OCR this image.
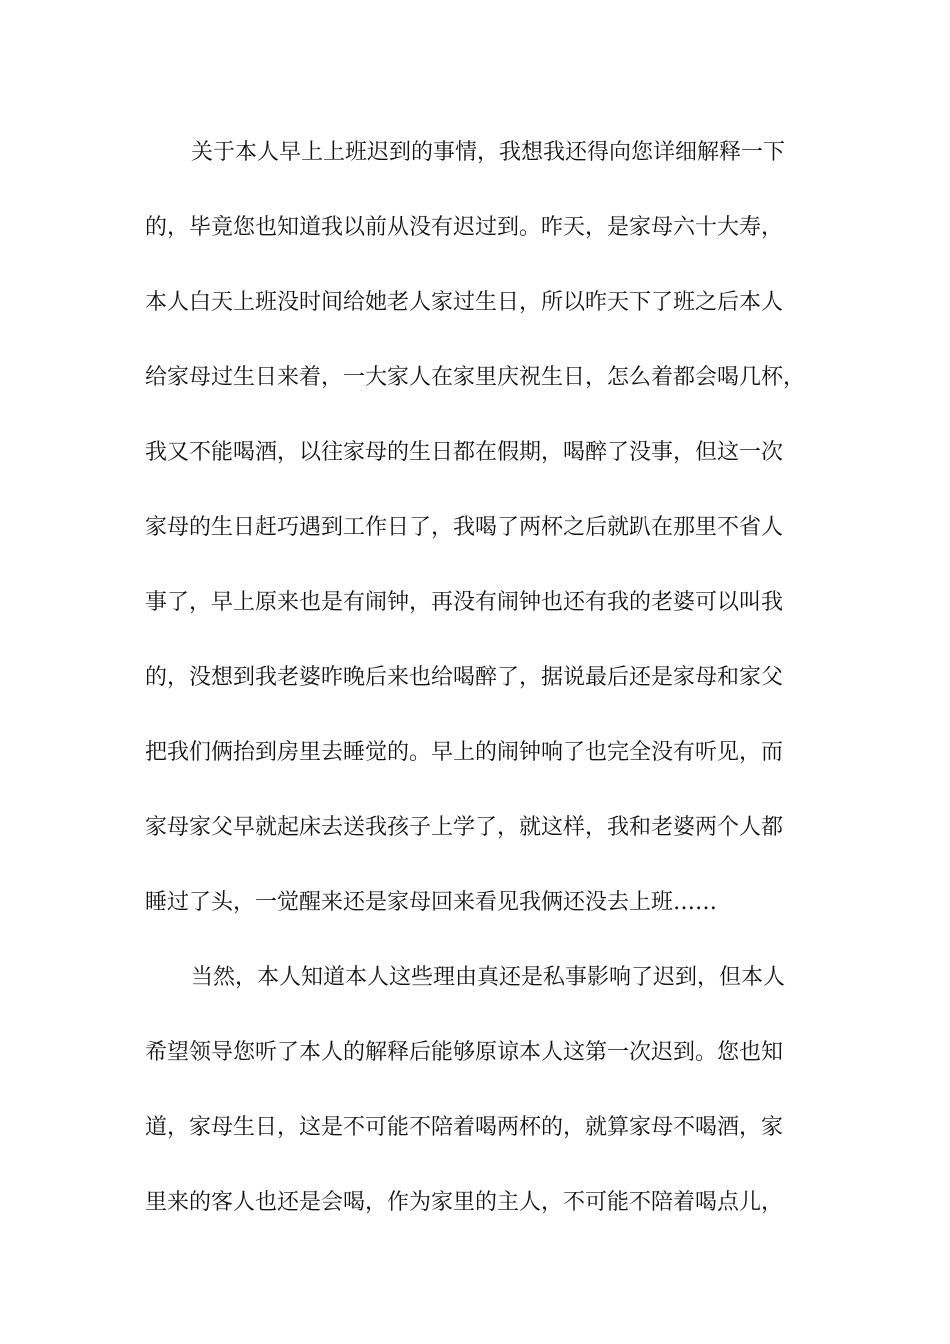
关于本人早上上班迟到的事情，我想我还得向您详细解释一下
的，毕竟您也知道我以前从没有迟过到。昨天，是家母六十大寿，
本人白天上班没时间给她老人家过生日，所以昨天下了班之后本人
给家母过生日来着，一大家人在家里庆祝生日，怎么着都会喝几杯，
我又不能喝酒，以往家母的生日都在假期，喝醉了没事，但这一次
家母的生日赶巧遇到工作日了，我喝了两杯之后就趴在那里不省人
事了，早上原来也是有闹钟，再没有闹钟也还有我的老婆可以叫我
的，没想到我老婆昨晚后来也给喝醉了，据说最后还是家母和家父
把我们俩抬到房里去睡觉的。早上的闹钟响了也完全没有听见，而
家母家父早就起床去送我孩子上学了，就这样，我和老婆两个人都
睡过了头，一觉醒来还是家母回来看见我俩还没去上班……
当然，本人知道本人这些理由真还是私事影响了迟到，但本人
希望领导您听了本人的解释后能够原谅本人这第一次迟到。您也知
道，家母生日，这是不可能不陪着喝两杯的，就算家母不喝酒，家
里来的客人也还是会喝，作为家里的主人，不可能不陪着喝点儿，
